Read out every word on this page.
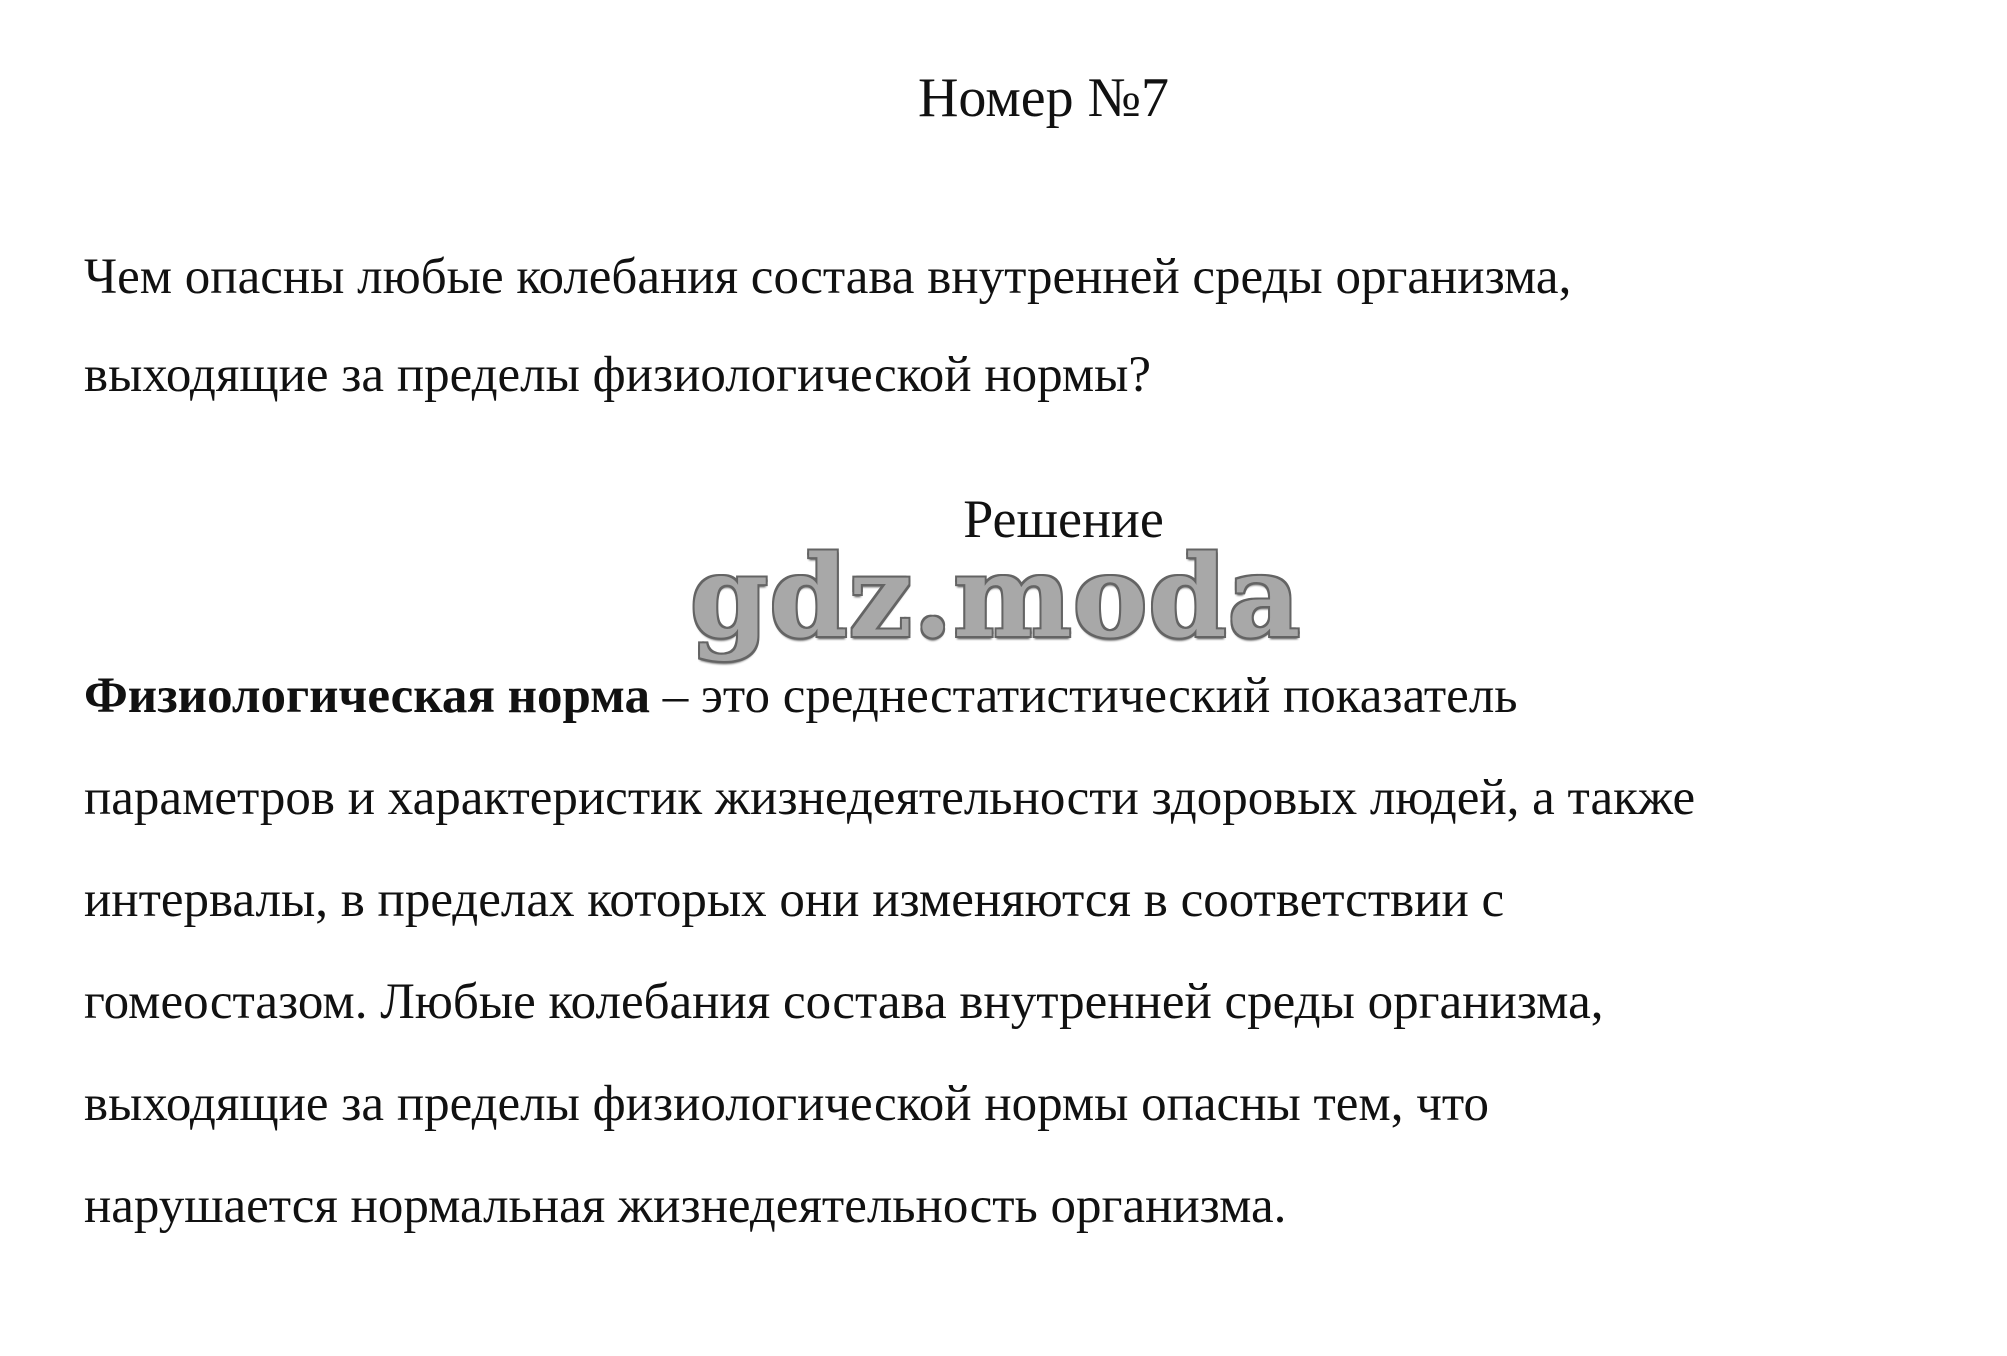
Номер №7
Чем опасны любые колебания состава внутренней среды организма,
выходящие за пределы физиологической нормы?
Решение
gdz.moda
Физиологическая норма – это среднестатистический показатель
параметров и характеристик жизнедеятельности здоровых людей, а также
интервалы, в пределах которых они изменяются в соответствии с
гомеостазом. Любые колебания состава внутренней среды организма,
выходящие за пределы физиологической нормы опасны тем, что
нарушается нормальная жизнедеятельность организма.
